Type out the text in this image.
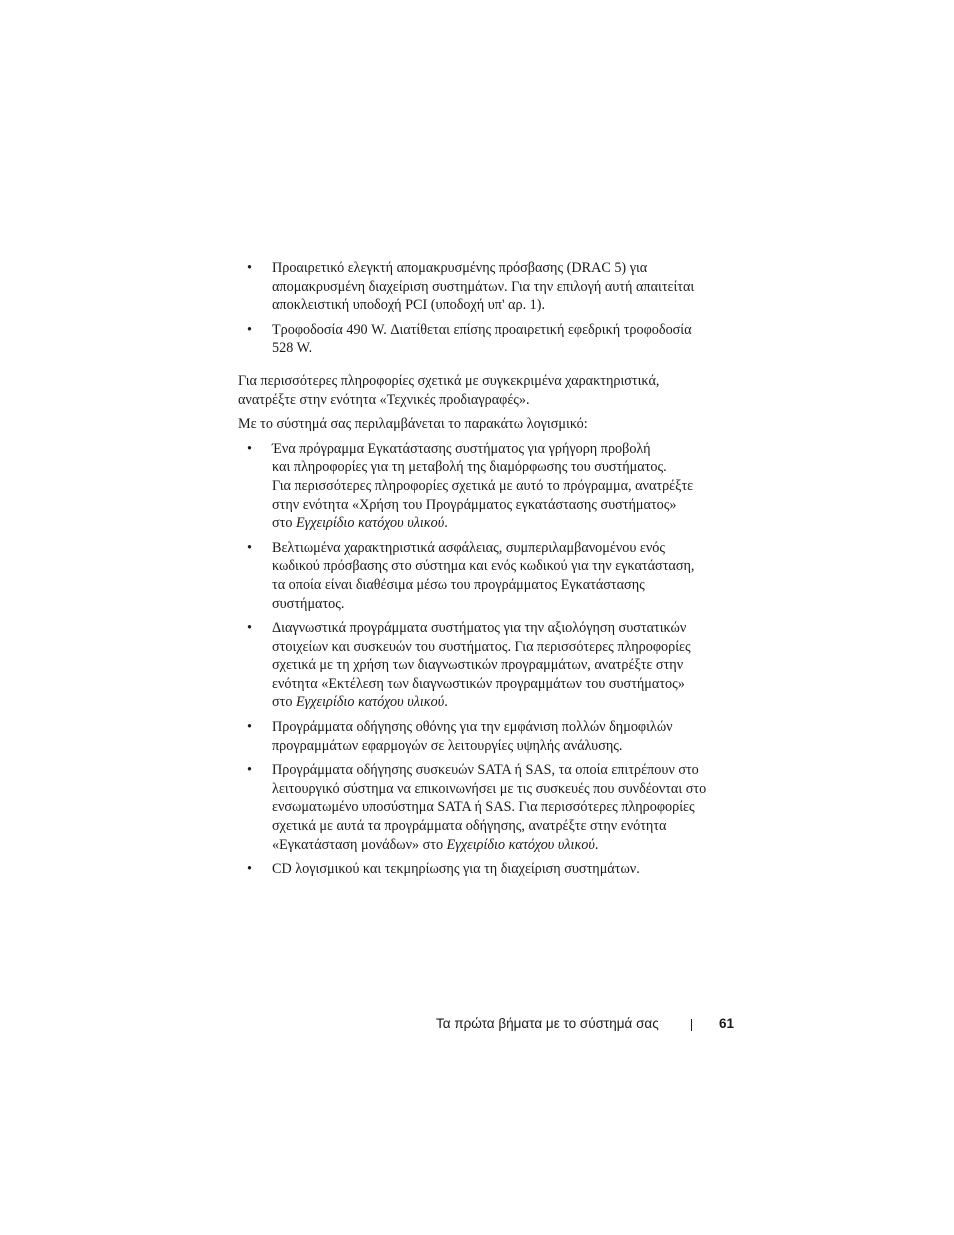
• Προαιρετικό ελεγκτή απομακρυσμένης πρόσβασης (DRAC 5) για
απομακρυσμένη διαχείριση συστημάτων. Για την επιλογή αυτή απαιτείται
αποκλειστική υποδοχή PCI (υποδοχή υπ' αρ. 1).
• Τροφοδοσία 490 W. Διατίθεται επίσης προαιρετική εφεδρική τροφοδοσία
528 W.

Για περισσότερες πληροφορίες σχετικά με συγκεκριμένα χαρακτηριστικά,
ανατρέξτε στην ενότητα «Τεχνικές προδιαγραφές».

Με το σύστημά σας περιλαμβάνεται το παρακάτω λογισμικό:

• Ένα πρόγραμμα Εγκατάστασης συστήματος για γρήγορη προβολή
και πληροφορίες για τη μεταβολή της διαμόρφωσης του συστήματος.
Για περισσότερες πληροφορίες σχετικά με αυτό το πρόγραμμα, ανατρέξτε
στην ενότητα «Χρήση του Προγράμματος εγκατάστασης συστήματος»
στο Εγχειρίδιο κατόχου υλικού.
• Βελτιωμένα χαρακτηριστικά ασφάλειας, συμπεριλαμβανομένου ενός
κωδικού πρόσβασης στο σύστημα και ενός κωδικού για την εγκατάσταση,
τα οποία είναι διαθέσιμα μέσω του προγράμματος Εγκατάστασης
συστήματος.
• Διαγνωστικά προγράμματα συστήματος για την αξιολόγηση συστατικών
στοιχείων και συσκευών του συστήματος. Για περισσότερες πληροφορίες
σχετικά με τη χρήση των διαγνωστικών προγραμμάτων, ανατρέξτε στην
ενότητα «Εκτέλεση των διαγνωστικών προγραμμάτων του συστήματος»
στο Εγχειρίδιο κατόχου υλικού.
• Προγράμματα οδήγησης οθόνης για την εμφάνιση πολλών δημοφιλών
προγραμμάτων εφαρμογών σε λειτουργίες υψηλής ανάλυσης.
• Προγράμματα οδήγησης συσκευών SATA ή SAS, τα οποία επιτρέπουν στο
λειτουργικό σύστημα να επικοινωνήσει με τις συσκευές που συνδέονται στο
ενσωματωμένο υποσύστημα SATA ή SAS. Για περισσότερες πληροφορίες
σχετικά με αυτά τα προγράμματα οδήγησης, ανατρέξτε στην ενότητα
«Εγκατάσταση μονάδων» στο Εγχειρίδιο κατόχου υλικού.
• CD λογισμικού και τεκμηρίωσης για τη διαχείριση συστημάτων.
Τα πρώτα βήματα με το σύστημά σας	61
